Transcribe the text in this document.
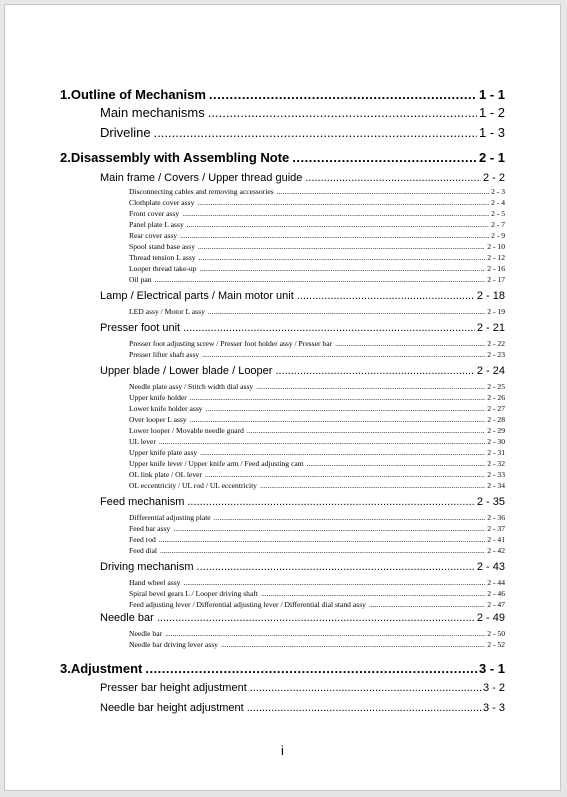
1. Outline of Mechanism .....	1 - 1
Main mechanisms .....	1 - 2
Driveline .....	1 - 3
2. Disassembly with Assembling Note .....	2 - 1
Main frame / Covers / Upper thread guide .....	2 - 2
Disconnecting cables and removing accessories .....	2 - 3
Clothplate cover assy .....	2 - 4
Front cover assy .....	2 - 5
Panel plate L assy .....	2 - 7
Rear cover assy .....	2 - 9
Spool stand base assy .....	2 - 10
Thread tension L assy .....	2 - 12
Looper thread take-up .....	2 - 16
Oil pan .....	2 - 17
Lamp / Electrical parts / Main motor unit .....	2 - 18
LED assy / Motor L assy .....	2 - 19
Presser foot unit .....	2 - 21
Presser foot adjusting screw / Presser foot holder assy / Presser bar .....	2 - 22
Presser lifter shaft assy .....	2 - 23
Upper blade / Lower blade / Looper .....	2 - 24
Needle plate assy / Stitch width dial assy .....	2 - 25
Upper knife holder .....	2 - 26
Lower knife holder assy .....	2 - 27
Over looper L assy .....	2 - 28
Lower looper / Movable needle guard .....	2 - 29
UL lever .....	2 - 30
Upper knife plate assy .....	2 - 31
Upper knife lever / Upper knife arm / Feed adjusting cam .....	2 - 32
OL link plate / OL lever .....	2 - 33
OL eccentricity / UL rod / UL eccentricity .....	2 - 34
Feed mechanism .....	2 - 35
Differential adjusting plate .....	2 - 36
Feed bar assy .....	2 - 37
Feed rod .....	2 - 41
Feed dial .....	2 - 42
Driving mechanism .....	2 - 43
Hand wheel assy .....	2 - 44
Spiral bevel gears L / Looper driving shaft .....	2 - 46
Feed adjusting lever / Differential adjusting lever / Differential dial stand assy .....	2 - 47
Needle bar .....	2 - 49
Needle bar .....	2 - 50
Needle bar driving lever assy .....	2 - 52
3. Adjustment .....	3 - 1
Presser bar height adjustment .....	3 - 2
Needle bar height adjustment .....	3 - 3
i
